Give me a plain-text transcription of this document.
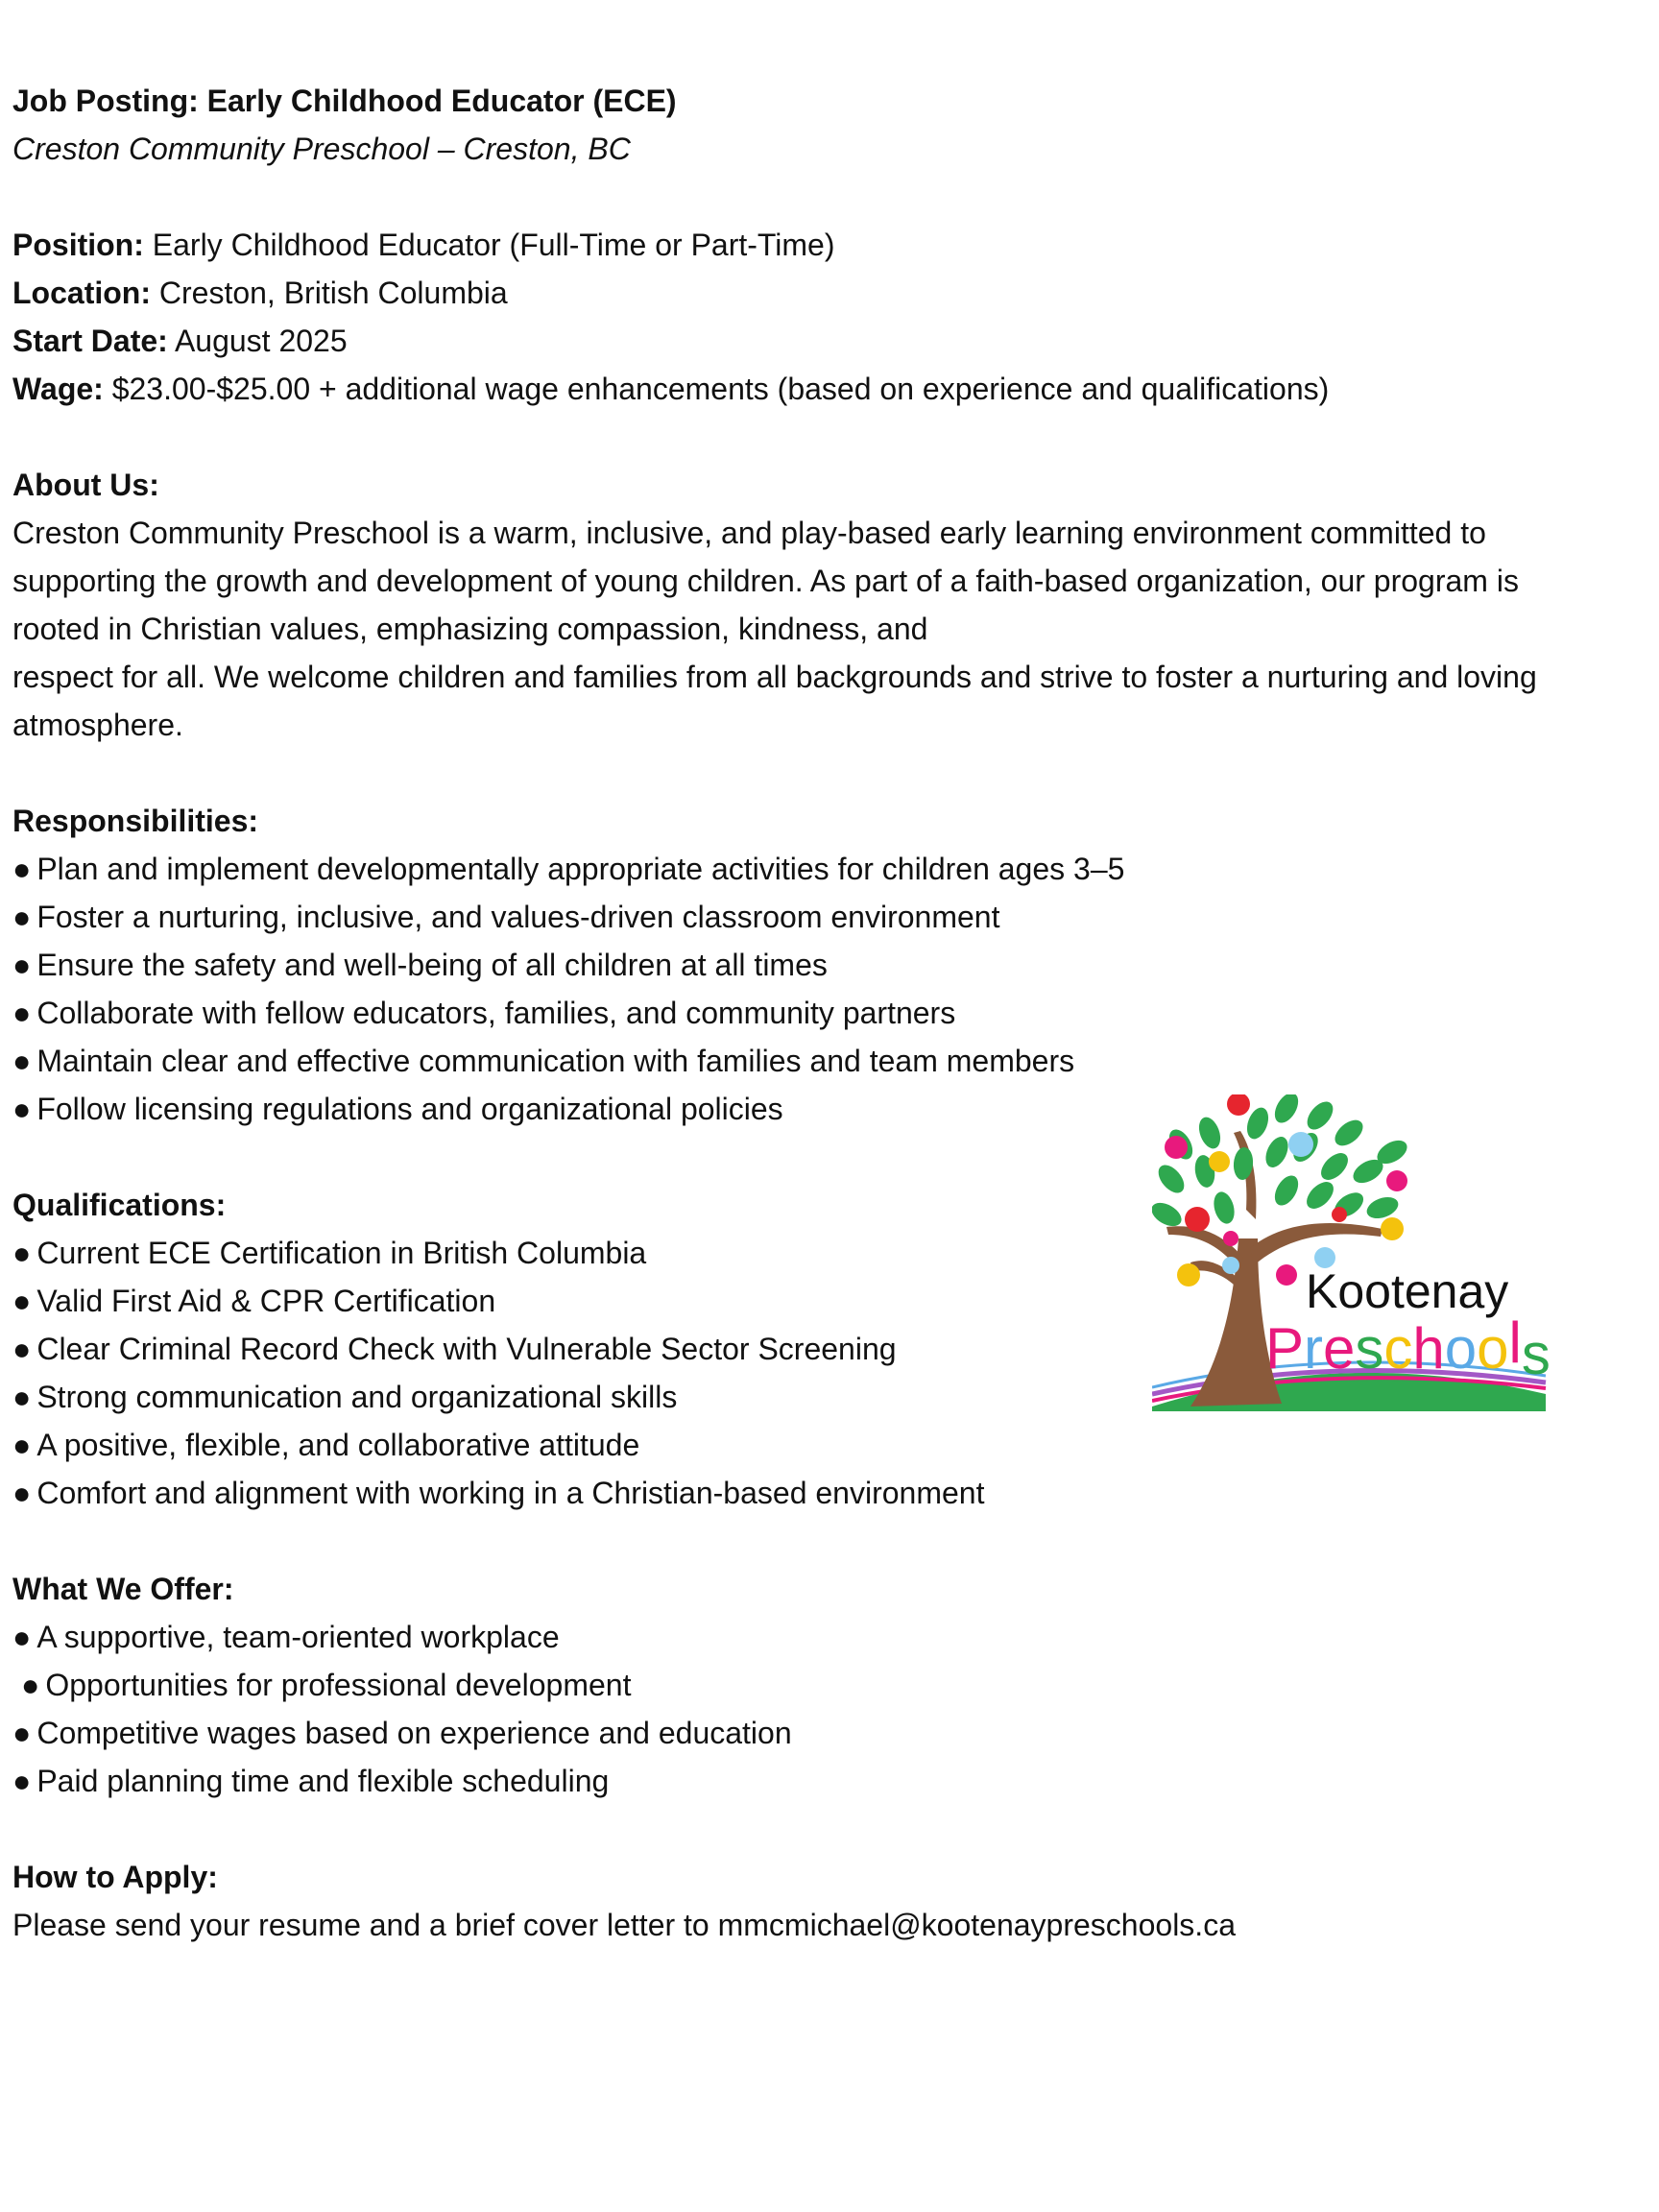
Job Posting: Early Childhood Educator (ECE)
Creston Community Preschool – Creston, BC
Position: Early Childhood Educator (Full-Time or Part-Time)
Location: Creston, British Columbia
Start Date: August 2025
Wage: $23.00-$25.00 + additional wage enhancements (based on experience and qualifications)
About Us:
Creston Community Preschool is a warm, inclusive, and play-based early learning environment committed to
supporting the growth and development of young children. As part of a faith-based organization, our program is
rooted in Christian values, emphasizing compassion, kindness, and
respect for all. We welcome children and families from all backgrounds and strive to foster a nurturing and loving
atmosphere.
Responsibilities:
● Plan and implement developmentally appropriate activities for children ages 3–5
● Foster a nurturing, inclusive, and values-driven classroom environment
● Ensure the safety and well-being of all children at all times
● Collaborate with fellow educators, families, and community partners
● Maintain clear and effective communication with families and team members
● Follow licensing regulations and organizational policies
Qualifications:
● Current ECE Certification in British Columbia
● Valid First Aid & CPR Certification
● Clear Criminal Record Check with Vulnerable Sector Screening
● Strong communication and organizational skills
● A positive, flexible, and collaborative attitude
● Comfort and alignment with working in a Christian-based environment
What We Offer:
● A supportive, team-oriented workplace
● Opportunities for professional development
● Competitive wages based on experience and education
● Paid planning time and flexible scheduling
How to Apply:
Please send your resume and a brief cover letter to mmcmichael@kootenaypreschools.ca
Kootenay
Preschools
